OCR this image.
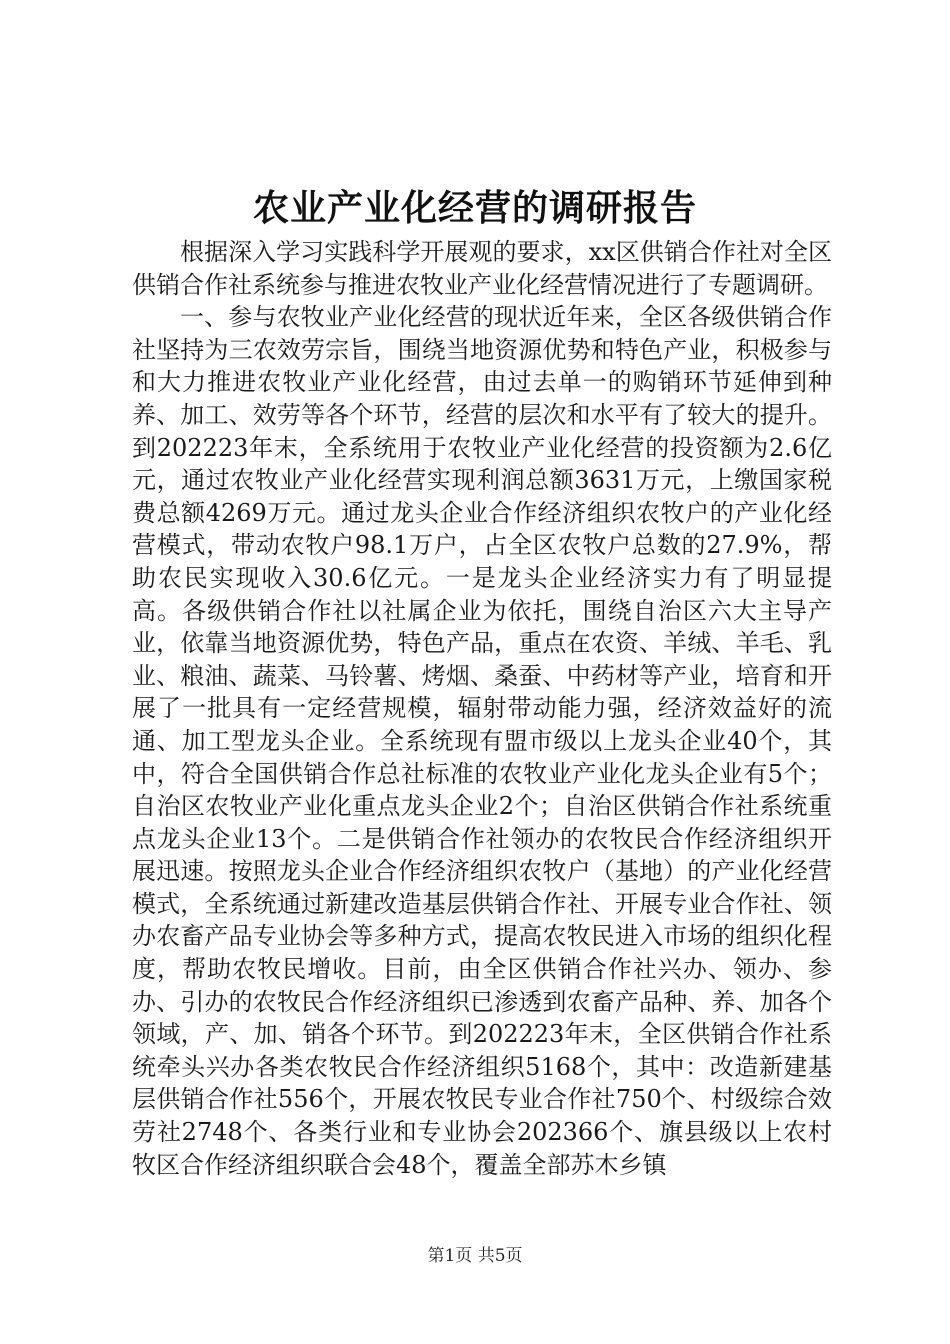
农业产业化经营的调研报告

根据深入学习实践科学开展观的要求，xx区供销合作社对全区供销合作社系统参与推进农牧业产业化经营情况进行了专题调研。

一、参与农牧业产业化经营的现状近年来，全区各级供销合作社坚持为三农效劳宗旨，围绕当地资源优势和特色产业，积极参与和大力推进农牧业产业化经营，由过去单一的购销环节延伸到种养、加工、效劳等各个环节，经营的层次和水平有了较大的提升。到202223年末，全系统用于农牧业产业化经营的投资额为2.6亿元，通过农牧业产业化经营实现利润总额3631万元，上缴国家税费总额4269万元。通过龙头企业合作经济组织农牧户的产业化经营模式，带动农牧户98.1万户，占全区农牧户总数的27.9%，帮助农民实现收入30.6亿元。一是龙头企业经济实力有了明显提高。各级供销合作社以社属企业为依托，围绕自治区六大主导产业，依靠当地资源优势，特色产品，重点在农资、羊绒、羊毛、乳业、粮油、蔬菜、马铃薯、烤烟、桑蚕、中药材等产业，培育和开展了一批具有一定经营规模，辐射带动能力强，经济效益好的流通、加工型龙头企业。全系统现有盟市级以上龙头企业40个，其中，符合全国供销合作总社标准的农牧业产业化龙头企业有5个；自治区农牧业产业化重点龙头企业2个；自治区供销合作社系统重点龙头企业13个。二是供销合作社领办的农牧民合作经济组织开展迅速。按照龙头企业合作经济组织农牧户（基地）的产业化经营模式，全系统通过新建改造基层供销合作社、开展专业合作社、领办农畜产品专业协会等多种方式，提高农牧民进入市场的组织化程度，帮助农牧民增收。目前，由全区供销合作社兴办、领办、参办、引办的农牧民合作经济组织已渗透到农畜产品种、养、加各个领域，产、加、销各个环节。到202223年末，全区供销合作社系统牵头兴办各类农牧民合作经济组织5168个，其中：改造新建基层供销合作社556个，开展农牧民专业合作社750个、村级综合效劳社2748个、各类行业和专业协会202366个、旗县级以上农村牧区合作经济组织联合会48个，覆盖全部苏木乡镇

第1页 共5页
